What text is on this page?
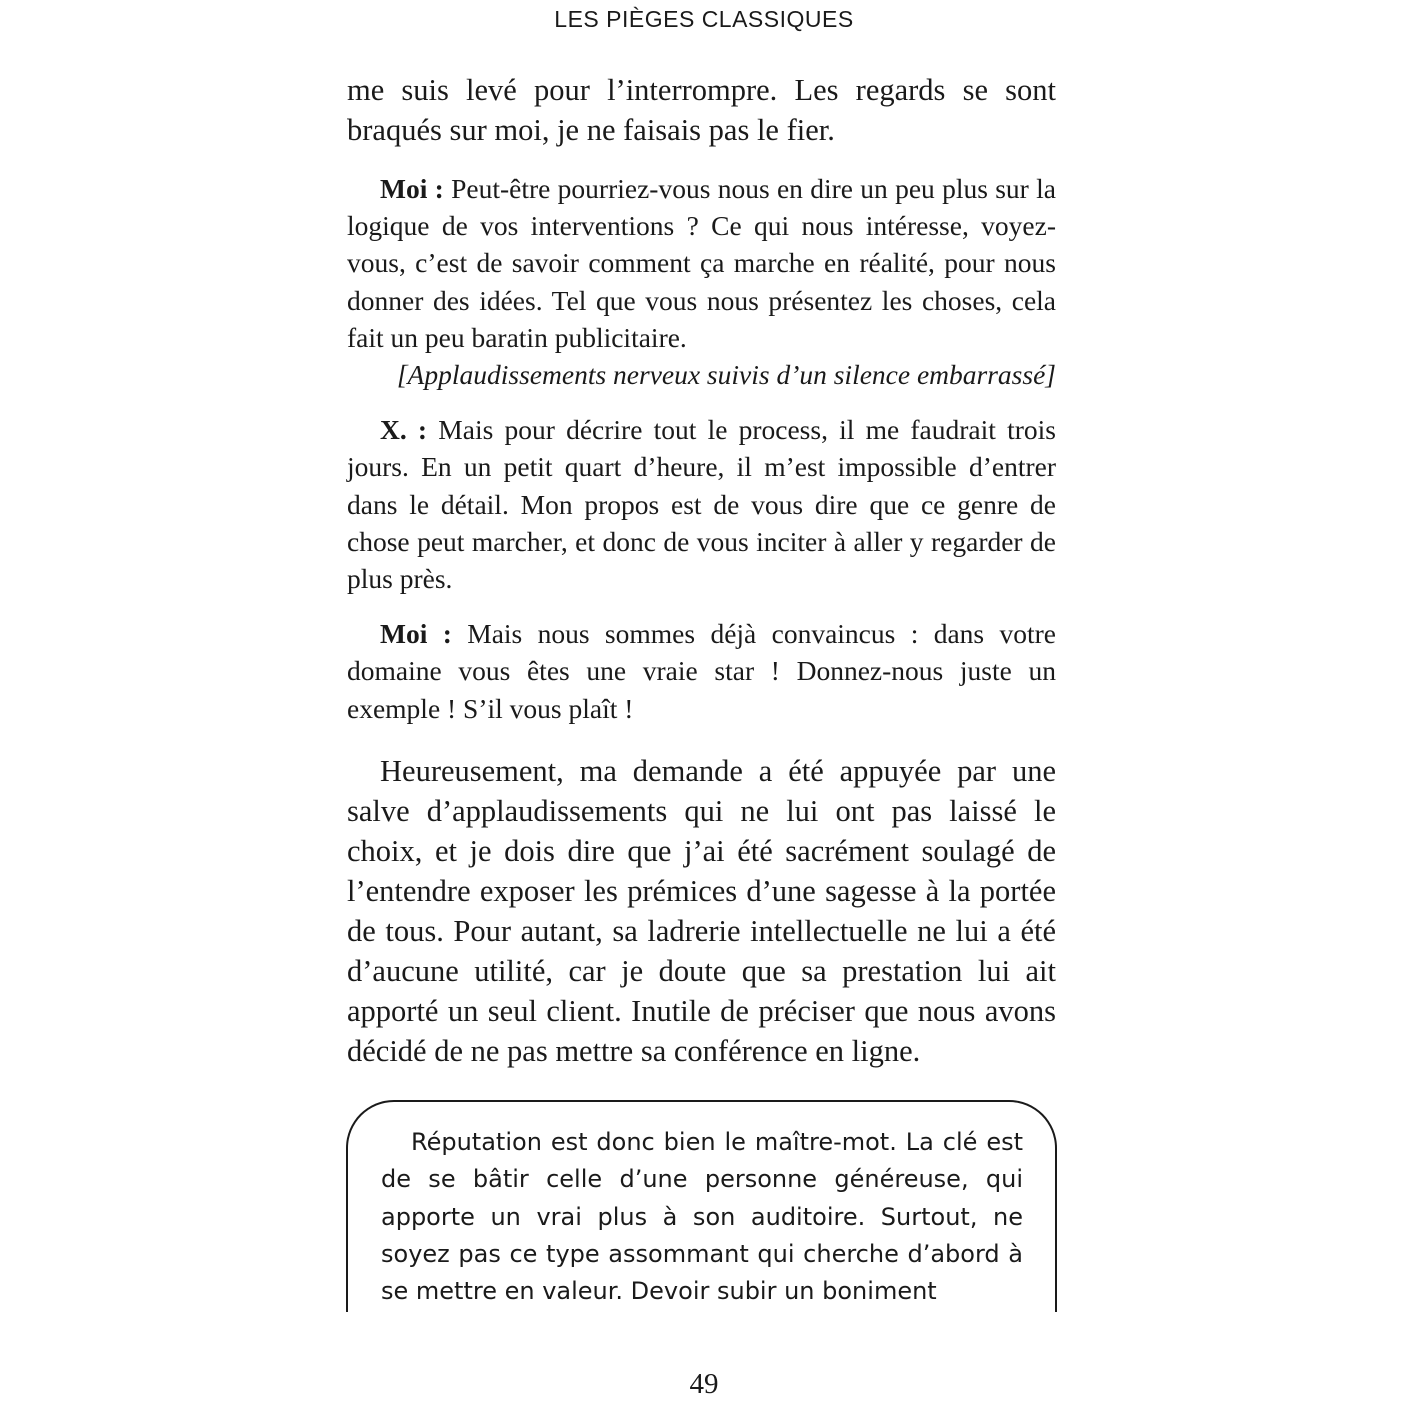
LES PIÈGES CLASSIQUES

me suis levé pour l’interrompre. Les regards se sont braqués sur moi, je ne faisais pas le fier.

Moi : Peut-être pourriez-vous nous en dire un peu plus sur la logique de vos interventions ? Ce qui nous intéresse, voyez-vous, c’est de savoir comment ça marche en réalité, pour nous donner des idées. Tel que vous nous présentez les choses, cela fait un peu baratin publicitaire.

[Applaudissements nerveux suivis d’un silence embarrassé]

X. : Mais pour décrire tout le process, il me faudrait trois jours. En un petit quart d’heure, il m’est impossible d’entrer dans le détail. Mon propos est de vous dire que ce genre de chose peut marcher, et donc de vous inciter à aller y regarder de plus près.

Moi : Mais nous sommes déjà convaincus : dans votre domaine vous êtes une vraie star ! Donnez-nous juste un exemple ! S’il vous plaît !

Heureusement, ma demande a été appuyée par une salve d’applaudissements qui ne lui ont pas laissé le choix, et je dois dire que j’ai été sacrément soulagé de l’entendre exposer les prémices d’une sagesse à la portée de tous. Pour autant, sa ladrerie intellectuelle ne lui a été d’aucune utilité, car je doute que sa prestation lui ait apporté un seul client. Inutile de préciser que nous avons décidé de ne pas mettre sa conférence en ligne.

Réputation est donc bien le maître-mot. La clé est de se bâtir celle d’une personne généreuse, qui apporte un vrai plus à son auditoire. Surtout, ne soyez pas ce type assommant qui cherche d’abord à se mettre en valeur. Devoir subir un boniment

49
